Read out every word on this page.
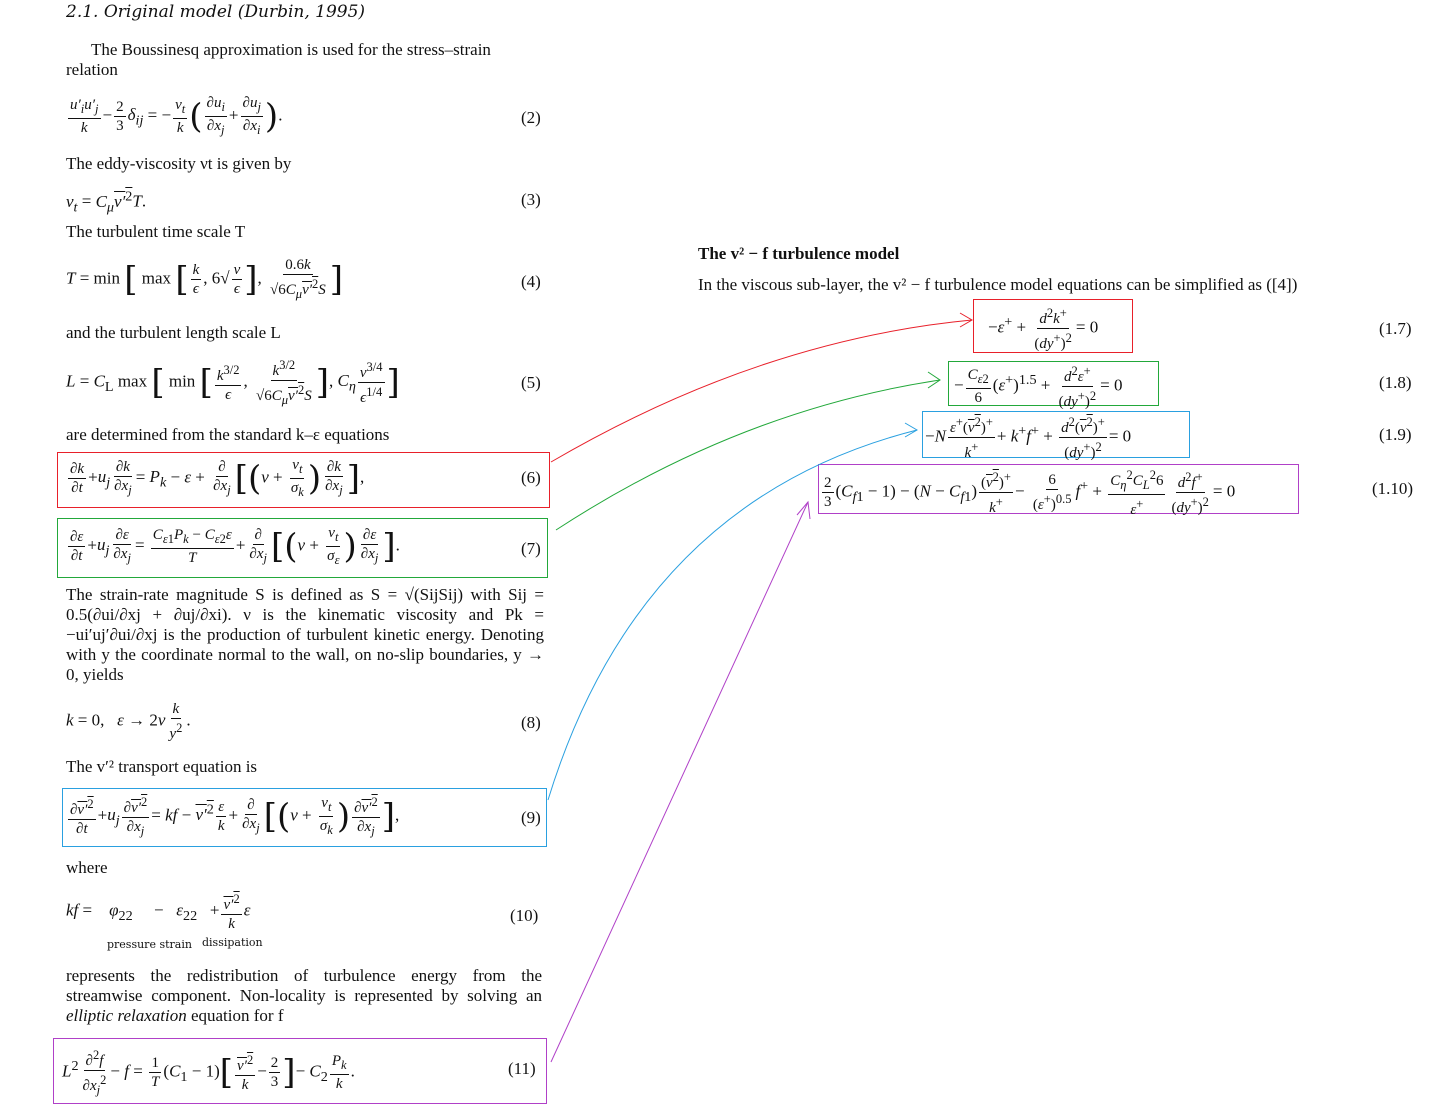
2.1. Original model (Durbin, 1995)
The Boussinesq approximation is used for the stress–strain relation
$\frac{u'_iu'_j}{k} - \frac{2}{3} \delta_{ij}$ = − $\frac{\nu_t}{k}$ ( $\frac{\partial u_i}{\partial x_j} + \frac{\partial u_j}{\partial x_i}$ ).	(2)
The eddy-viscosity νt is given by
$\nu_t = C_\mu v'^2T$.	(3)
The turbulent time scale T
T = min [ max [ $\frac{k}{\epsilon}$ , $6√ \frac{\nu}{\epsilon}$ ], $\frac{0.6k}{√6C_\mu v'^2S}$ ]	(4)
and the turbulent length scale L
$L = C_L$ max [ min [ $\frac{k^{3/2}}{\epsilon}$ , $\frac{k^{3/2}}{√6C_\mu v'^2S}$ ], $C_\eta \frac{\nu^{3/4}}{\epsilon^{1/4}}$ ]	(5)
are determined from the standard k–ε equations
$\frac{\partial k}{\partial t} +u_j \frac{\partial k}{\partial x_j} = P_k - \varepsilon + \frac{\partial}{\partial x_j} [(\nu + \frac{\nu_t}{\sigma_k}$ ) $\frac{\partial k}{\partial x_j}$ ],	(6)
$\frac{\partial\varepsilon}{\partial t} +u_j \frac{\partial\varepsilon}{\partial x_j} = \frac{C_{\varepsilon 1}P_k - C_{\varepsilon 2}\varepsilon}{T} + \frac{\partial}{\partial x_j} [(\nu + \frac{\nu_t}{\sigma_\varepsilon}$ ) $\frac{\partial\varepsilon}{\partial x_j}$ ].	(7)
The strain-rate magnitude S is defined as S = √(SijSij) with Sij = 0.5(∂ui/∂xj + ∂uj/∂xi). ν is the kinematic viscosity and Pk = −ui′uj′∂ui/∂xj is the production of turbulent kinetic energy. Denoting with y the coordinate normal to the wall, on no-slip boundaries, y → 0, yields
k = 0,   $\varepsilon \to 2\nu \frac{k}{y^2}$ .	(8)
The v′² transport equation is
$\frac{\partial v'^2}{\partial t} +u_j \frac{\partial v'^2}{\partial x_j}$ = kf − $v'^2 \frac{\varepsilon}{k} + \frac{\partial}{\partial x_j} [(\nu + \frac{\nu_t}{\sigma_k}$ ) $\frac{\partial v'^2}{\partial x_j}$ ],	(9)
where
kf =    $\varphi_{22}$     −   $\varepsilon_{22} + \frac{v'^2}{k}$ ε
pressure strain dissipation
(10)
represents the redistribution of turbulence energy from the streamwise component. Non-locality is represented by solving an elliptic relaxation equation for f
$L^2 \frac{\partial^2f}{\partial x_j^2} - f = \frac{1}{T} (C_1 - 1)[ \frac{v'^2}{k} - \frac{2}{3}$ ]− $C_2 \frac{P_k}{k}$ .	(11)
The v² − f turbulence model
In the viscous sub-layer, the v² − f turbulence model equations can be simplified as ([4])
$-\varepsilon^+ + \frac{d^2k^+}{(dy^+)^2} = 0$	(1.7)
− $\frac{C_{\varepsilon 2}}{6} (\varepsilon^+)^{1.5} + \frac{d^2\varepsilon^+}{(dy^+)^2} = 0$	(1.8)
$-N \frac{\varepsilon^+(v^2)^+}{k^+} + k^+f^+ + \frac{d^2(v^2)^+}{(dy^+)^2} = 0$	(1.9)
$\frac{2}{3} (C_{f1} - 1) - (N - C_{f1}) \frac{(v^2)^+}{k^+} - \frac{6}{(\varepsilon^+)^{0.5}} f^+ + \frac{C_\eta^2C_L^26}{\varepsilon^+} \frac{d^2f^+}{(dy^+)^2} = 0$	(1.10)
